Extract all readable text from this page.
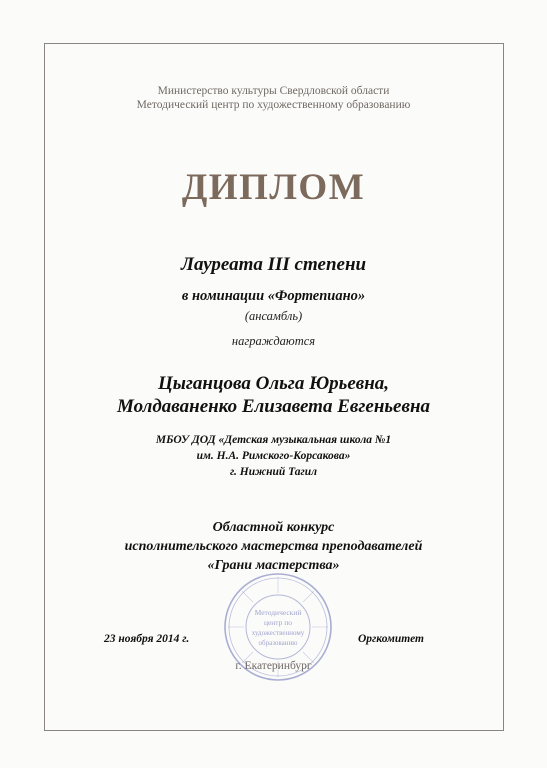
Министерство культуры Свердловской области
Методический центр по художественному образованию
ДИПЛОМ
Лауреата III степени
в номинации «Фортепиано»
(ансамбль)
награждаются
Цыганцова Ольга Юрьевна,
Молдаваненко Елизавета Евгеньевна
МБОУ ДОД «Детская музыкальная школа №1
им. Н.А. Римского-Корсакова»
г. Нижний Тагил
Областной конкурс
исполнительского мастерства преподавателей
«Грани мастерства»
Методический
центр по
художественному
образованию
23 ноября 2014 г.	Оргкомитет
г. Екатеринбург
